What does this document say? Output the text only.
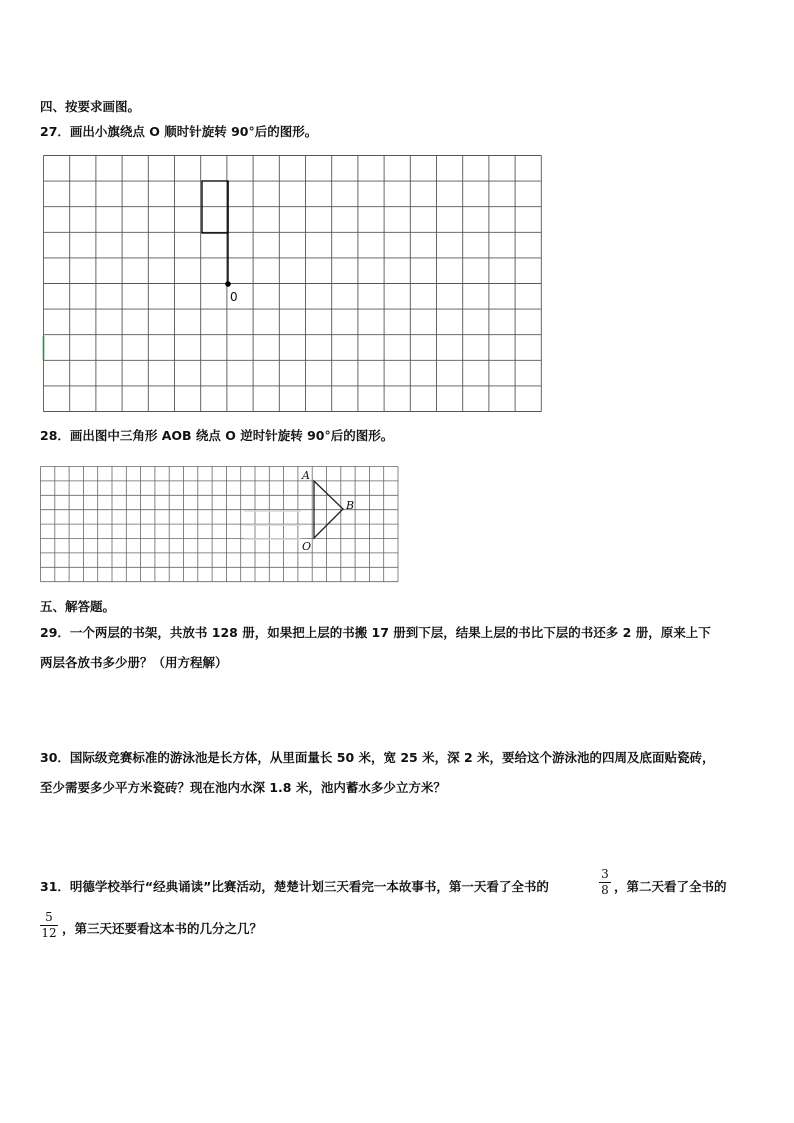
四、按要求画图。
27．画出小旗绕点 O 顺时针旋转 90°后的图形。
0
28．画出图中三角形 AOB 绕点 O 逆时针旋转 90°后的图形。
A
B
O
五、解答题。
29．一个两层的书架，共放书 128 册，如果把上层的书搬 17 册到下层，结果上层的书比下层的书还多 2 册，原来上下
两层各放书多少册？（用方程解）
30．国际级竞赛标准的游泳池是长方体，从里面量长 50 米，宽 25 米，深 2 米，要给这个游泳池的四周及底面贴瓷砖，
至少需要多少平方米瓷砖？现在池内水深 1.8 米，池内蓄水多少立方米？
31．明德学校举行“经典诵读”比赛活动，楚楚计划三天看完一本故事书，第一天看了全书的
3
8 ，第二天看了全书的
5
12 ，第三天还要看这本书的几分之几？
